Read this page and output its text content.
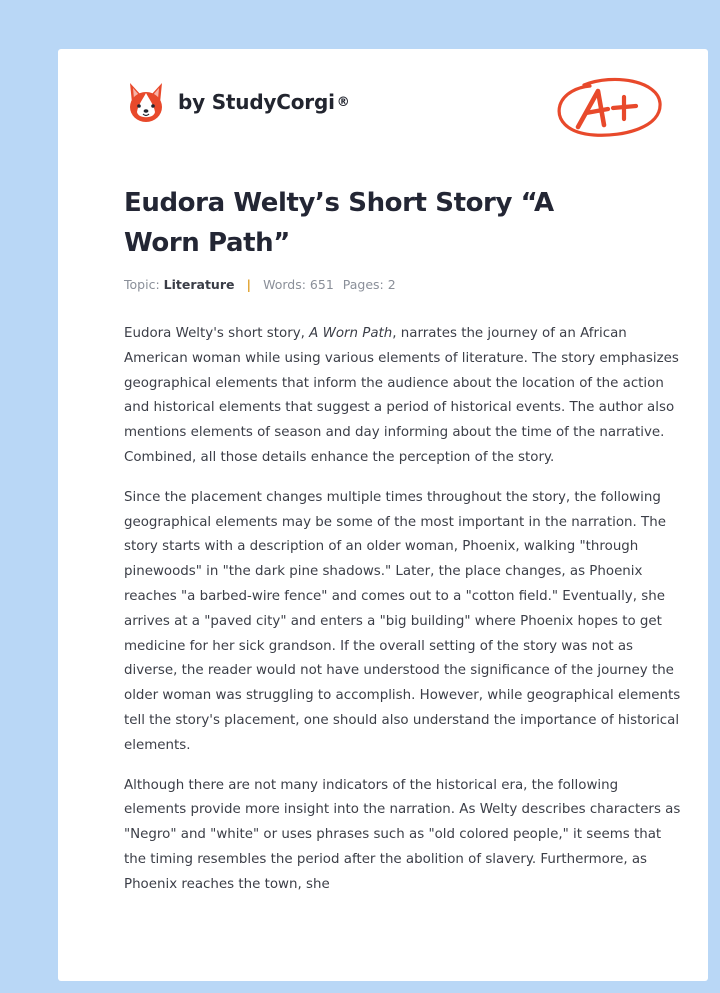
by StudyCorgi ®
Eudora Welty’s Short Story “A Worn Path”
Topic: Literature | Words: 651 Pages: 2

Eudora Welty's short story, A Worn Path, narrates the journey of an African American woman while using various elements of literature. The story emphasizes geographical elements that inform the audience about the location of the action and historical elements that suggest a period of historical events. The author also mentions elements of season and day informing about the time of the narrative. Combined, all those details enhance the perception of the story.

Since the placement changes multiple times throughout the story, the following geographical elements may be some of the most important in the narration. The story starts with a description of an older woman, Phoenix, walking "through pinewoods" in "the dark pine shadows." Later, the place changes, as Phoenix reaches "a barbed-wire fence" and comes out to a "cotton field." Eventually, she arrives at a "paved city" and enters a "big building" where Phoenix hopes to get medicine for her sick grandson. If the overall setting of the story was not as diverse, the reader would not have understood the significance of the journey the older woman was struggling to accomplish. However, while geographical elements tell the story's placement, one should also understand the importance of historical elements.

Although there are not many indicators of the historical era, the following elements provide more insight into the narration. As Welty describes characters as "Negro" and "white" or uses phrases such as "old colored people," it seems that the timing resembles the period after the abolition of slavery. Furthermore, as Phoenix reaches the town, she
